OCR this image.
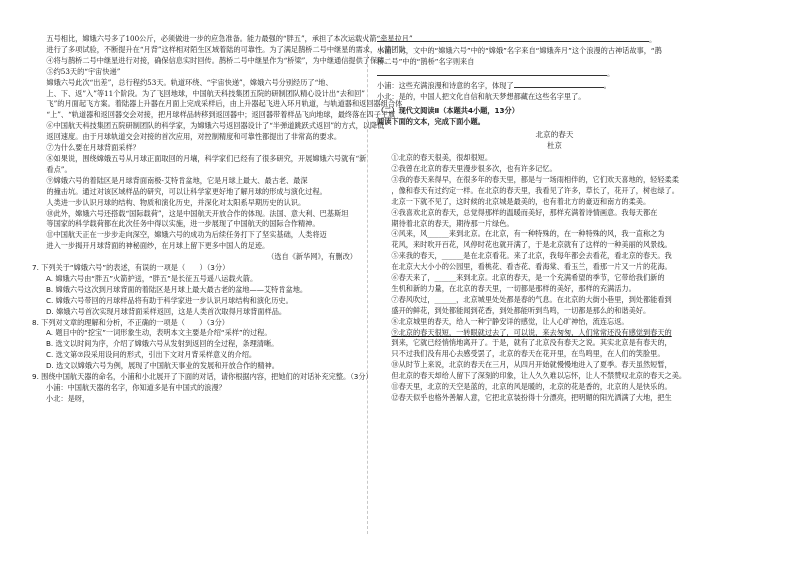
五号相比，嫦娥六号多了100公斤，必须做进一步的应急准备。能力最强的“胖五”，承担了本次运载火箭“牵星拉月”

进行了多项试验，不断提升在“月背”这样相对陌生区域着陆的可靠性。为了满足鹊桥二号中继星的需求，火箭团队

④将与鹊桥二号中继星进行对接，确保信息实时回传。鹊桥二号中继星作为“桥梁”，为中继通信提供了保障。

⑤约53天的“宇宙快递”

嫦娥六号此次“出差”，总行程约53天。轨道环绕、“宇宙快递”，嫦娥六号分别经历了“地、

上、下、返”入”等11个阶段。为了飞回地球，中国航天科技集团五院的研制团队精心设计出“去和回”

飞”的月面起飞方案。着陆器上升器在月面上完成采样后，由上升器起飞进入环月轨道，与轨道器和返回器组合体

“上”、“轨道器和返回器交会对接，把月球样品转移到返回器中；返回器带着样品飞向地球，最终落在四子王旗

⑥中国航天科技集团五院研制团队的科学家，为嫦娥六号返回器设计了“半弹道跳跃式返回”的方式，以降低

返回速度。由于月球轨道交会对接的首次应用，对控制精度和可靠性都提出了非常高的要求。

⑦为什么要在月球背面采样？

⑧如果说，围绕嫦娥五号从月球正面取回的月壤，科学家们已经有了很多研究，开展嫦娥六号就有“新

看点”。

⑨嫦娥六号的着陆区是月球背面南极-艾特肯盆地，它是月球上最大、最古老、最深

的撞击坑。通过对该区域样品的研究，可以让科学家更好地了解月球的形成与演化过程。

人类进一步认识月球的结构、物质和演化历史，并深化对太阳系早期历史的认识。

⑩此外，嫦娥六号还搭载“国际载荷”，这是中国航天开放合作的体现。法国、意大利、巴基斯坦

等国家的科学载荷都在此次任务中得以实施，进一步展现了中国航天的国际合作精神。

⑪中国航天正在一步步走向深空，嫦娥六号的成功为后续任务打下了坚实基础，人类将迈

进入一步揭开月球背面的神秘面纱，在月球上留下更多中国人的足迹。

（选自《新华网》，有删改）

7. 下列关于“嫦娥六号”的表述，有误的一项是（　　）（3分）

A. 嫦娥六号由“胖五”火箭护送，“胖五”是长征五号遥八运载火箭。

B. 嫦娥六号这次到月球背面的着陆区是月球上最大最古老的盆地——艾特肯盆地。

C. 嫦娥六号带回的月球样品将有助于科学家进一步认识月球结构和演化历史。

D. 嫦娥六号首次实现月球背面采样返回，这是人类首次取得月球背面样品。

8. 下列对文章的理解和分析，不正确的一项是（　　）（3分）

A. 题目中的“挖宝”一词形象生动，表明本文主要是介绍“采样”的过程。

B. 选文以时间为序，介绍了嫦娥六号从发射到返回的全过程，条理清晰。

C. 选文第⑦段采用设问的形式，引出下文对月背采样意义的介绍。

D. 选文以嫦娥六号为例，展现了中国航天事业的发展和开放合作的精神。

9. 围绕中国航天器的命名，小浦和小北展开了下面的对话，请你根据内容，把她们的对话补充完整。（3分）

小浦：中国航天器的名字，你知道多是有中国式的浪漫？

小北：是呀，

。

小浦：对，文中的“嫦娥六号”中的“嫦娥”名字来自“嫦娥奔月”这个浪漫的古神话故事，“鹊

桥二号”中的“鹊桥”名字则来自

。

小浦：这些充满浪漫和诗意的名字，体现了	。

小北：是的，中国人把文化自信和航天梦想都藏在这些名字里了。

（二）现代文阅读Ⅱ（本题共4小题，13分）

阅读下面的文本，完成下面小题。

北京的春天

杜京

①北京的春天很美，很却很短。

②我曾在北京的春天里漫步很多次，也有许多记忆。

③我的春天来得早，在很多年的春天里，都是与一场雨相伴的，它们欢天喜地的，轻轻柔柔

，像和春天有过约定一样。在北京的春天里，我看见了许多，草长了，花开了，树也绿了。

北京一下就不见了，这时候的北京城是最美的，也有着北方的豪迈和南方的柔美。

④我喜欢北京的春天，总觉得那样的温暖而美好，那样充满着诗情画意。我每天都在

期待着北京的春天，期待那一片绿色。

④风来，风______来到北京。在北京，有一种特殊的，在一种特殊的风，我一直称之为

花风，来时吹开百花，风停时花也就开满了，于是北京就有了这样的一种美丽的风景线。

⑤来我的春天，______是在北京看花。来了北京，我每年都会去看花，看北京的春天。我

在北京大大小小的公园里，看桃花、看杏花、看海棠、看玉兰，看那一片又一片的花海。

⑥春天来了，______来到北京。北京的春天，是一个充满希望的季节，它带给我们新的

生机和新的力量，在北京的春天里，一切都是那样的美好，那样的充满活力。

⑦春风吹过，______，北京城里处处都是春的气息。在北京的大街小巷里，到处都能看到

盛开的鲜花，到处都能闻到花香，到处都能听到鸟鸣，一切都是那么的和谐美好。

⑧北京城里的春天，给人一种宁静安详的感觉，让人心旷神怡，流连忘返。

⑨北京的春天很短，一转眼就过去了，可以说，来去匆匆，人们常常还没有感觉到春天的

到来，它就已经悄悄地离开了。于是，就有了北京没有春天之说。其实北京是有春天的，

只不过我们没有用心去感受罢了，北京的春天在花开里，在鸟鸣里，在人们的笑脸里。

⑩从时节上来说，北京的春天在三月，从四月开始就慢慢地进入了夏季。春天虽然短暂，

但北京的春天却给人留下了深刻的印象，让人久久难以忘怀，让人不禁赞叹北京的春天之美。

⑪春天里，北京的天空是蓝的，北京的风是暖的，北京的花是香的，北京的人是快乐的。

⑫春天似乎也格外善解人意，它把北京装扮得十分漂亮，把明媚的阳光洒满了大地，把生
